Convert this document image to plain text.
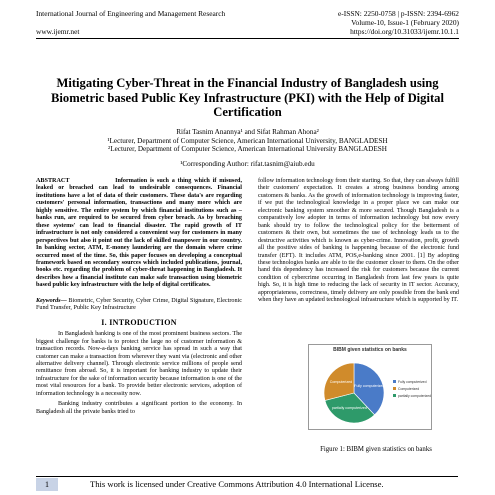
International Journal of Engineering and Management Research
www.ijemr.net
e-ISSN: 2250-0758 | p-ISSN: 2394-6962
Volume-10, Issue-1 (February 2020)
https://doi.org/10.31033/ijemr.10.1.1
Mitigating Cyber-Threat in the Financial Industry of Bangladesh using
Biometric based Public Key Infrastructure (PKI) with the Help of Digital
Certification
Rifat Tasnim Anannya¹ and Sifat Rahman Ahona²
¹Lecturer, Department of Computer Science, American International University, BANGLADESH
²Lecturer, Department of Computer Science, American International University BANGLADESH
¹Corresponding Author: rifat.tasnim@aiub.edu

ABSTRACT	Information is such a thing which if misused, leaked or breached can lead to undesirable consequences. Financial institutions have a lot of data of their customers. These data's are regarding customers' personal information, transactions and many more which are highly sensitive. The entire system by which financial institutions such as – banks run, are required to be secured from cyber breach. As by breaching these systems' can lead to financial disaster. The rapid growth of IT infrastructure is not only considered a convenient way for customers in many perspectives but also it point out the lack of skilled manpower in our country. In banking sector, ATM, E-money laundering are the domain where crime occurred most of the time. So, this paper focuses on developing a conceptual framework based on secondary sources which included publications, journal, books etc. regarding the problem of cyber-threat happening in Bangladesh. It describes how a financial institute can make safe transaction using biometric based public key infrastructure with the help of digital certificates.

Keywords— Biometric, Cyber Security, Cyber Crime, Digital Signature, Electronic Fund Transfer, Public Key Infrastructure

I. INTRODUCTION

In Bangladesh banking is one of the most prominent business sectors. The biggest challenge for banks is to protect the large no of customer information & transaction records. Now-a-days banking service has spread in such a way that customer can make a transaction from wherever they want via (electronic and other alternative delivery channel). Through electronic service millions of people send remittance from abroad. So, it is important for banking industry to update their infrastructure for the sake of information security because information is one of the most vital resources for a bank. To provide better electronic services, adoption of information technology is a necessity now.

Banking industry contributes a significant portion to the economy. In Bangladesh all the private banks tried to

follow information technology from their starting. So that, they can always fulfill their customers' expectation. It creates a strong business bonding among customers & banks. As the growth of information technology is improving faster, if we put the technological knowledge in a proper place we can make our electronic banking system smoother & more secured. Though Bangladesh is a comparatively low adopter in terms of information technology but now every bank should try to follow the technological policy for the betterment of customers & their own, but sometimes the use of technology leads us to the destructive activities which is known as cyber-crime. Innovation, profit, growth all the positive sides of banking is happening because of the electronic fund transfer (EFT). It includes ATM, POS,e-banking since 2001. [1] By adopting these technologies banks are able to tie the customer closer to them. On the other hand this dependency has increased the risk for customers because the current condition of cybercrime occurring in Bangladesh from last few years is quite high. So, it is high time to reducing the lack of security in IT sector. Accuracy, appropriateness, correctness, timely delivery are only possible from the bank end when they have an updated technological infrastructure which is supported by IT.

BIBM given statistics on banks
Fully computerized
partially computerized
Computerized	Fully computerized
Computerized
partially computerized
Figure 1: BIBM given statistics on banks
1	This work is licensed under Creative Commons Attribution 4.0 International License.
